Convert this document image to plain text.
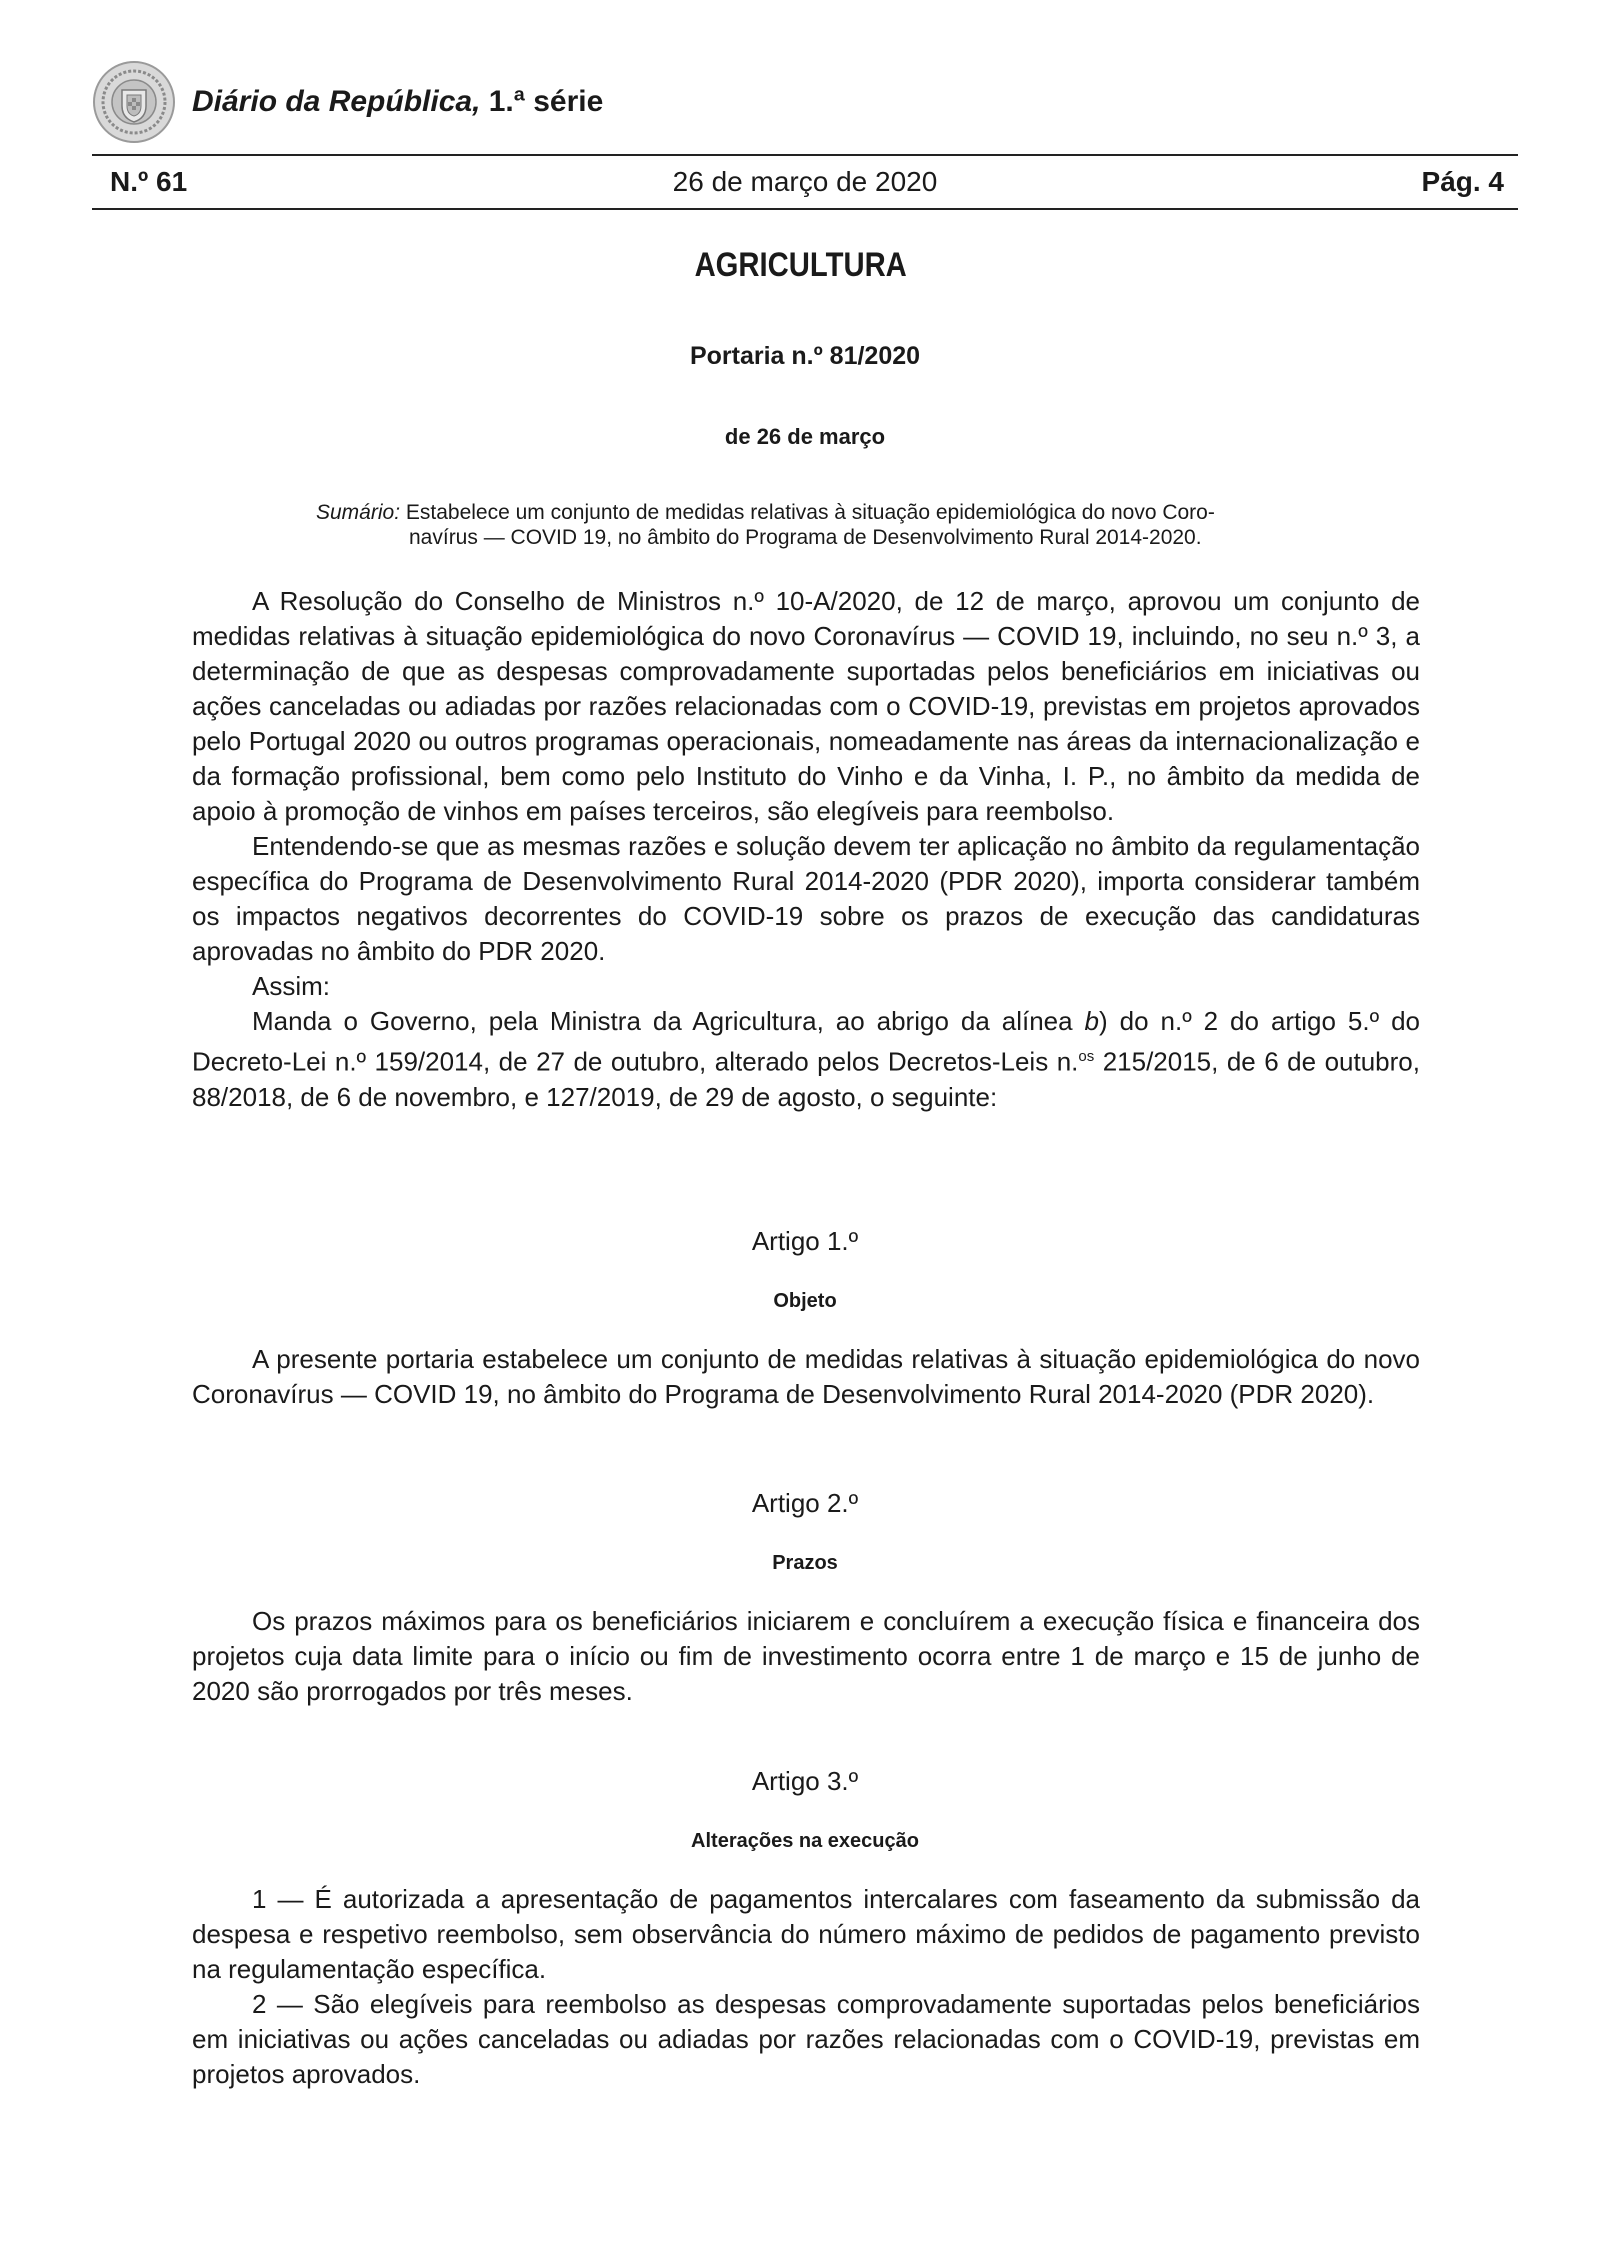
Diário da República, 1.ª série
N.º 61	26 de março de 2020	Pág. 4
AGRICULTURA
Portaria n.º 81/2020
de 26 de março
Sumário: Estabelece um conjunto de medidas relativas à situação epidemiológica do novo Coro-
navírus — COVID 19, no âmbito do Programa de Desenvolvimento Rural 2014-2020.

A Resolução do Conselho de Ministros n.º 10-A/2020, de 12 de março, aprovou um conjunto de medidas relativas à situação epidemiológica do novo Coronavírus — COVID 19, incluindo, no seu n.º 3, a determinação de que as despesas comprovadamente suportadas pelos beneficiários em iniciativas ou ações canceladas ou adiadas por razões relacionadas com o COVID-19, previstas em projetos aprovados pelo Portugal 2020 ou outros programas operacionais, nomeadamente nas áreas da internacionalização e da formação profissional, bem como pelo Instituto do Vinho e da Vinha, I. P., no âmbito da medida de apoio à promoção de vinhos em países terceiros, são elegíveis para reembolso.

Entendendo-se que as mesmas razões e solução devem ter aplicação no âmbito da regulamentação específica do Programa de Desenvolvimento Rural 2014-2020 (PDR 2020), importa considerar também os impactos negativos decorrentes do COVID-19 sobre os prazos de execução das candidaturas aprovadas no âmbito do PDR 2020.

Assim:

Manda o Governo, pela Ministra da Agricultura, ao abrigo da alínea b) do n.º 2 do artigo 5.º do Decreto-Lei n.º 159/2014, de 27 de outubro, alterado pelos Decretos-Leis n.$^{os}$ 215/2015, de 6 de outubro, 88/2018, de 6 de novembro, e 127/2019, de 29 de agosto, o seguinte:

Artigo 1.º
Objeto

A presente portaria estabelece um conjunto de medidas relativas à situação epidemiológica do novo Coronavírus — COVID 19, no âmbito do Programa de Desenvolvimento Rural 2014-2020 (PDR 2020).

Artigo 2.º
Prazos

Os prazos máximos para os beneficiários iniciarem e concluírem a execução física e financeira dos projetos cuja data limite para o início ou fim de investimento ocorra entre 1 de março e 15 de junho de 2020 são prorrogados por três meses.

Artigo 3.º
Alterações na execução

1 — É autorizada a apresentação de pagamentos intercalares com faseamento da submissão da despesa e respetivo reembolso, sem observância do número máximo de pedidos de pagamento previsto na regulamentação específica.

2 — São elegíveis para reembolso as despesas comprovadamente suportadas pelos beneficiários em iniciativas ou ações canceladas ou adiadas por razões relacionadas com o COVID-19, previstas em projetos aprovados.
